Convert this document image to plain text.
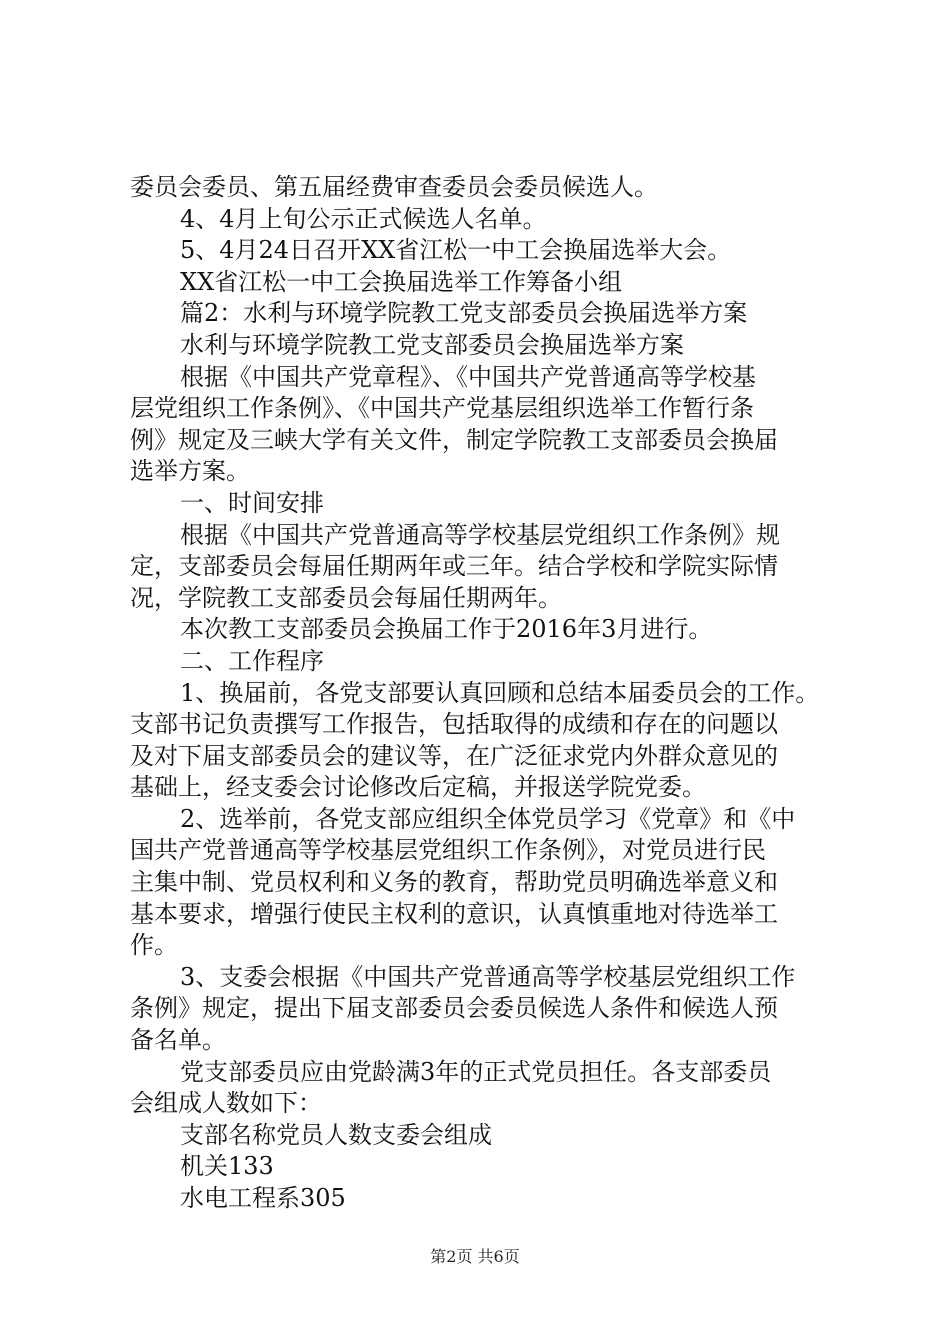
委员会委员、第五届经费审查委员会委员候选人。

4、4月上旬公示正式候选人名单。

5、4月24日召开XX省江松一中工会换届选举大会。

XX省江松一中工会换届选举工作筹备小组

篇2：水利与环境学院教工党支部委员会换届选举方案

水利与环境学院教工党支部委员会换届选举方案

根据《中国共产党章程》、《中国共产党普通高等学校基

层党组织工作条例》、《中国共产党基层组织选举工作暂行条

例》规定及三峡大学有关文件，制定学院教工支部委员会换届

选举方案。

一、时间安排

根据《中国共产党普通高等学校基层党组织工作条例》规

定，支部委员会每届任期两年或三年。结合学校和学院实际情

况，学院教工支部委员会每届任期两年。

本次教工支部委员会换届工作于2016年3月进行。

二、工作程序

1、换届前，各党支部要认真回顾和总结本届委员会的工作。

支部书记负责撰写工作报告，包括取得的成绩和存在的问题以

及对下届支部委员会的建议等，在广泛征求党内外群众意见的

基础上，经支委会讨论修改后定稿，并报送学院党委。

2、选举前，各党支部应组织全体党员学习《党章》和《中

国共产党普通高等学校基层党组织工作条例》，对党员进行民

主集中制、党员权利和义务的教育，帮助党员明确选举意义和

基本要求，增强行使民主权利的意识，认真慎重地对待选举工

作。

3、支委会根据《中国共产党普通高等学校基层党组织工作

条例》规定，提出下届支部委员会委员候选人条件和候选人预

备名单。

党支部委员应由党龄满3年的正式党员担任。各支部委员

会组成人数如下：

支部名称党员人数支委会组成

机关133

水电工程系305

第2页 共6页
